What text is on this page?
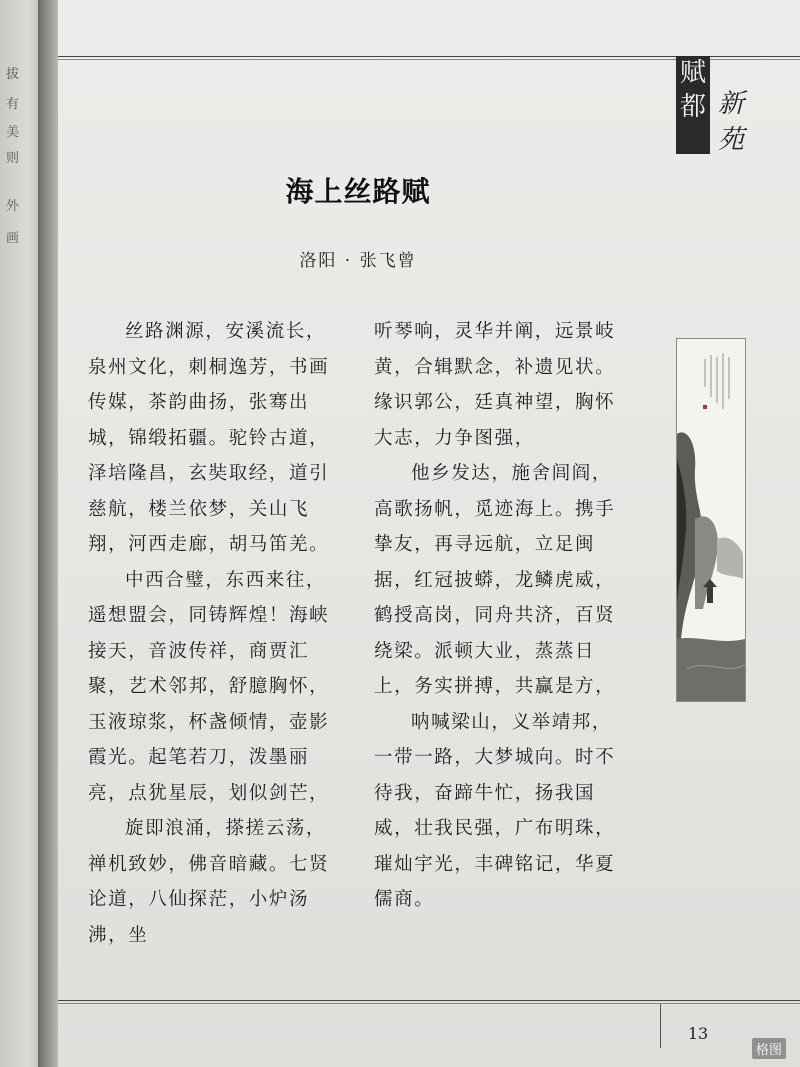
拔
有
美
则
外
画
赋
都 新
苑
海上丝路赋
洛阳 · 张飞曾

丝路渊源，安溪流长，泉州文化，刺桐逸芳，书画传媒，茶韵曲扬，张骞出城，锦缎拓疆。驼铃古道，泽培隆昌，玄奘取经，道引慈航，楼兰依梦，关山飞翔，河西走廊，胡马笛羌。

中西合璧，东西来往，遥想盟会，同铸辉煌！海峡接天，音波传祥，商贾汇聚，艺术邻邦，舒臆胸怀，玉液琼浆，杯盏倾情，壶影霞光。起笔若刀，泼墨丽亮，点犹星辰，划似剑芒，

旋即浪涌，搽搓云荡，禅机致妙，佛音暗藏。七贤论道，八仙探茫，小炉汤沸，坐

听琴响，灵华并阐，远景岐黄，合辑默念，补遗见状。缘识郭公，廷真神望，胸怀大志，力争图强，

他乡发达，施舍闾阎，高歌扬帆，觅迹海上。携手挚友，再寻远航，立足闽据，红冠披蟒，龙鳞虎威，鹤授高岗，同舟共济，百贤绕梁。派顿大业，蒸蒸日上，务实拼搏，共赢是方，

呐喊梁山，义举靖邦，一带一路，大梦城向。时不待我，奋蹄牛忙，扬我国威，壮我民强，广布明珠，璀灿宇光，丰碑铭记，华夏儒商。

13
格图
